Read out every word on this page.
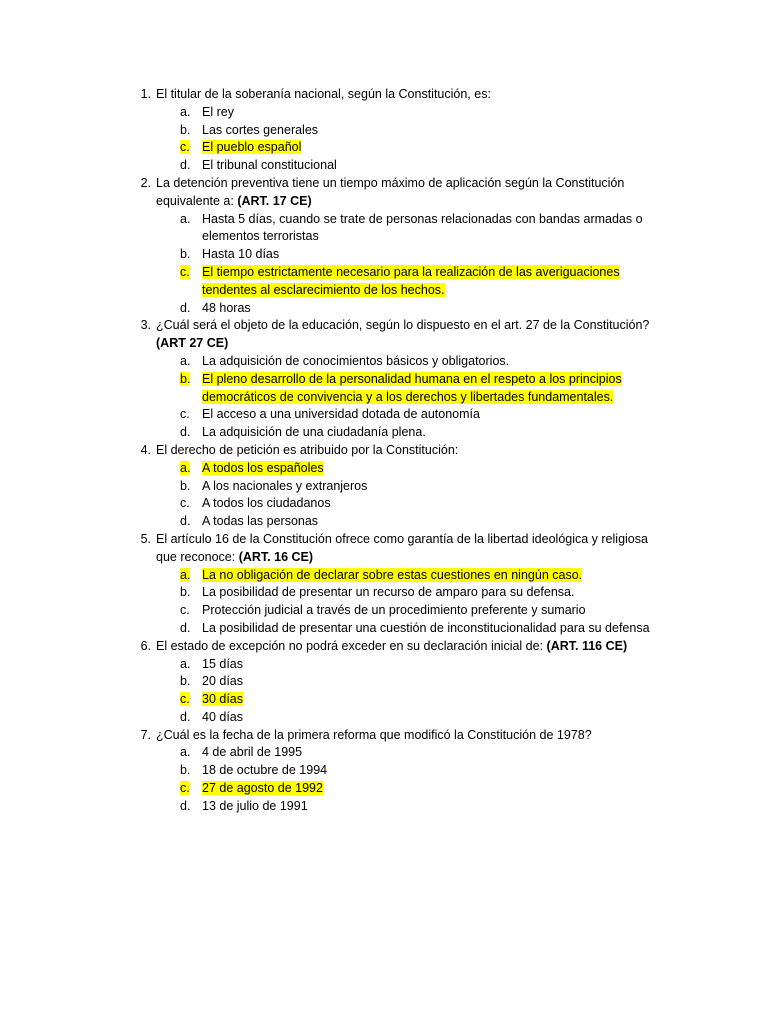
1. El titular de la soberanía nacional, según la Constitución, es:
a. El rey
b. Las cortes generales
c. El pueblo español
d. El tribunal constitucional
2. La detención preventiva tiene un tiempo máximo de aplicación según la Constitución equivalente a: (ART. 17 CE)
a. Hasta 5 días, cuando se trate de personas relacionadas con bandas armadas o elementos terroristas
b. Hasta 10 días
c. El tiempo estrictamente necesario para la realización de las averiguaciones tendentes al esclarecimiento de los hechos.
d. 48 horas
3. ¿Cuál será el objeto de la educación, según lo dispuesto en el art. 27 de la Constitución? (ART 27 CE)
a. La adquisición de conocimientos básicos y obligatorios.
b. El pleno desarrollo de la personalidad humana en el respeto a los principios democráticos de convivencia y a los derechos y libertades fundamentales.
c. El acceso a una universidad dotada de autonomía
d. La adquisición de una ciudadanía plena.
4. El derecho de petición es atribuido por la Constitución:
a. A todos los españoles
b. A los nacionales y extranjeros
c. A todos los ciudadanos
d. A todas las personas
5. El artículo 16 de la Constitución ofrece como garantía de la libertad ideológica y religiosa que reconoce: (ART. 16 CE)
a. La no obligación de declarar sobre estas cuestiones en ningún caso.
b. La posibilidad de presentar un recurso de amparo para su defensa.
c. Protección judicial a través de un procedimiento preferente y sumario
d. La posibilidad de presentar una cuestión de inconstitucionalidad para su defensa
6. El estado de excepción no podrá exceder en su declaración inicial de: (ART. 116 CE)
a. 15 días
b. 20 días
c. 30 días
d. 40 días
7. ¿Cuál es la fecha de la primera reforma que modificó la Constitución de 1978?
a. 4 de abril de 1995
b. 18 de octubre de 1994
c. 27 de agosto de 1992
d. 13 de julio de 1991
